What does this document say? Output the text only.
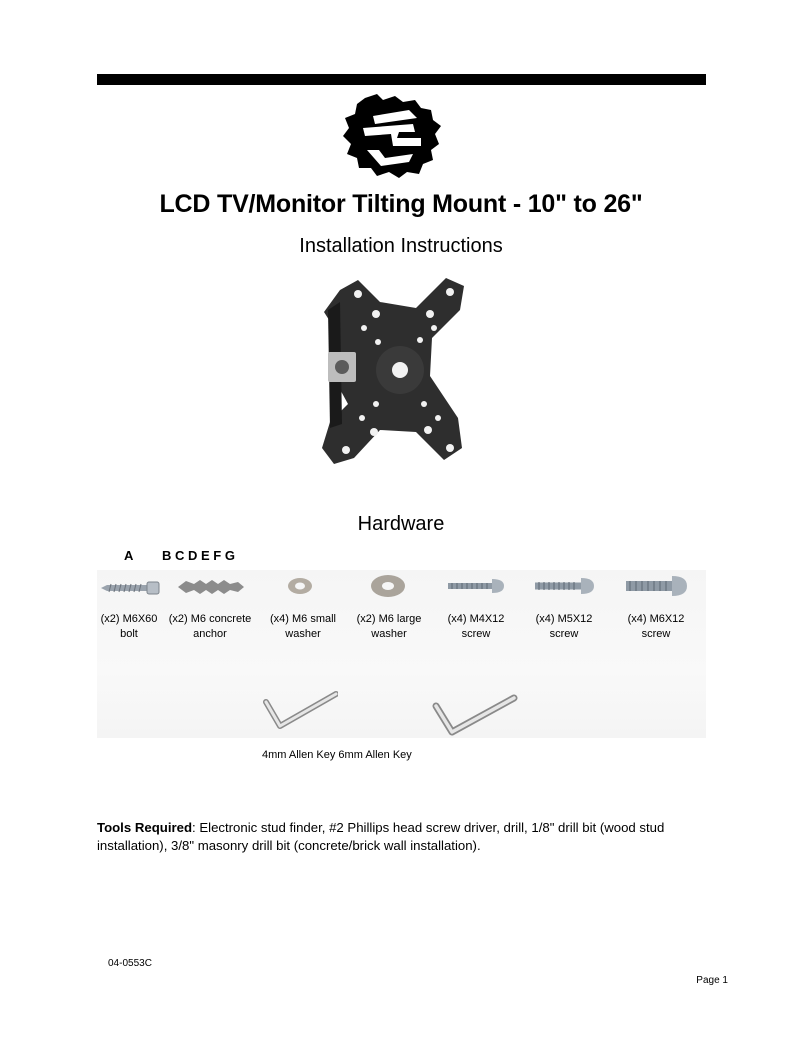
LCD TV/Monitor Tilting Mount - 10" to 26"
Installation Instructions
Hardware
A B C D E F G
(x2) M6X60
bolt
(x2) M6 concrete
anchor
(x4) M6 small
washer
(x2) M6 large
washer
(x4) M4X12
screw
(x4) M5X12
screw
(x4) M6X12
screw
4mm Allen Key 6mm Allen Key
Tools Required: Electronic stud finder, #2 Phillips head screw driver, drill, 1/8" drill bit (wood stud installation), 3/8" masonry drill bit (concrete/brick wall installation).
04-0553C
Page 1
